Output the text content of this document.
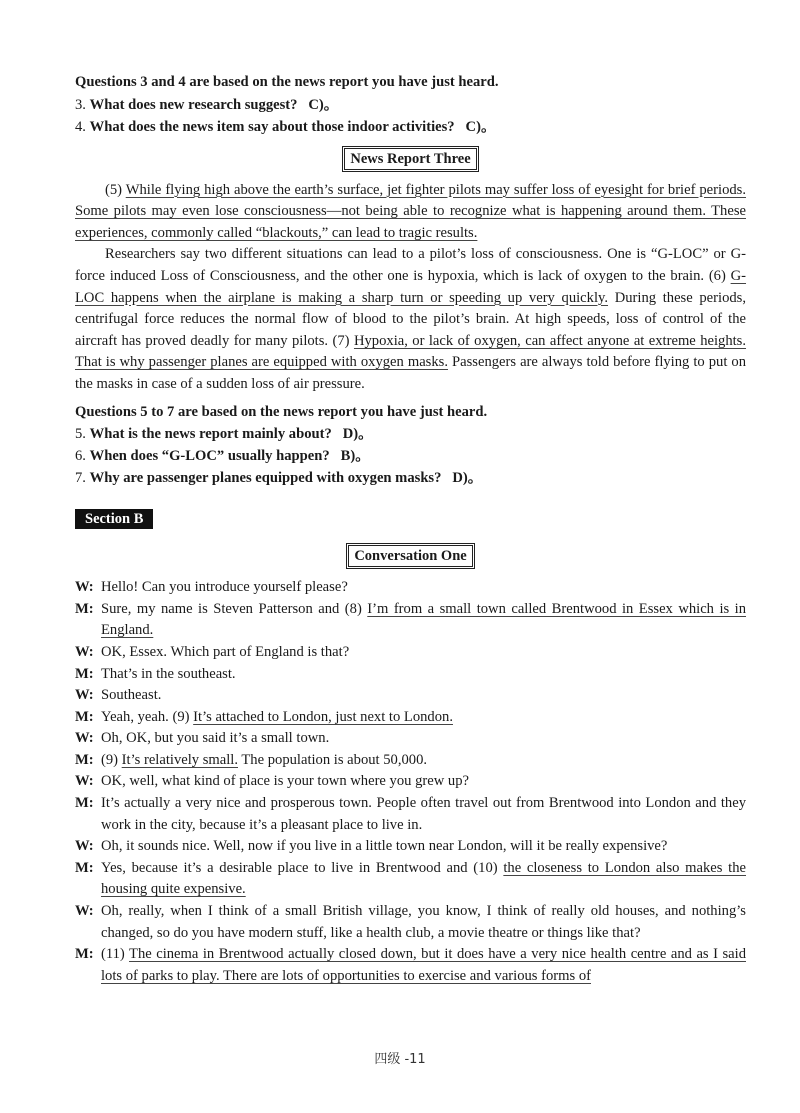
Questions 3 and 4 are based on the news report you have just heard.
3. What does new research suggest? C)。
4. What does the news item say about those indoor activities? C)。
News Report Three
(5) While flying high above the earth’s surface, jet fighter pilots may suffer loss of eyesight for brief periods. Some pilots may even lose consciousness—not being able to recognize what is happening around them. These experiences, commonly called “blackouts,” can lead to tragic results.
Researchers say two different situations can lead to a pilot’s loss of consciousness. One is “G-LOC” or G-force induced Loss of Consciousness, and the other one is hypoxia, which is lack of oxygen to the brain. (6) G-LOC happens when the airplane is making a sharp turn or speeding up very quickly. During these periods, centrifugal force reduces the normal flow of blood to the pilot’s brain. At high speeds, loss of control of the aircraft has proved deadly for many pilots. (7) Hypoxia, or lack of oxygen, can affect anyone at extreme heights. That is why passenger planes are equipped with oxygen masks. Passengers are always told before flying to put on the masks in case of a sudden loss of air pressure.
Questions 5 to 7 are based on the news report you have just heard.
5. What is the news report mainly about? D)。
6. When does “G-LOC” usually happen? B)。
7. Why are passenger planes equipped with oxygen masks? D)。
Section B
Conversation One
W: Hello! Can you introduce yourself please?
M: Sure, my name is Steven Patterson and (8) I’m from a small town called Brentwood in Essex which is in England.
W: OK, Essex. Which part of England is that?
M: That’s in the southeast.
W: Southeast.
M: Yeah, yeah. (9) It’s attached to London, just next to London.
W: Oh, OK, but you said it’s a small town.
M: (9) It’s relatively small. The population is about 50,000.
W: OK, well, what kind of place is your town where you grew up?
M: It’s actually a very nice and prosperous town. People often travel out from Brentwood into London and they work in the city, because it’s a pleasant place to live in.
W: Oh, it sounds nice. Well, now if you live in a little town near London, will it be really expensive?
M: Yes, because it’s a desirable place to live in Brentwood and (10) the closeness to London also makes the housing quite expensive.
W: Oh, really, when I think of a small British village, you know, I think of really old houses, and nothing’s changed, so do you have modern stuff, like a health club, a movie theatre or things like that?
M: (11) The cinema in Brentwood actually closed down, but it does have a very nice health centre and as I said lots of parks to play. There are lots of opportunities to exercise and various forms of
四级 -11
